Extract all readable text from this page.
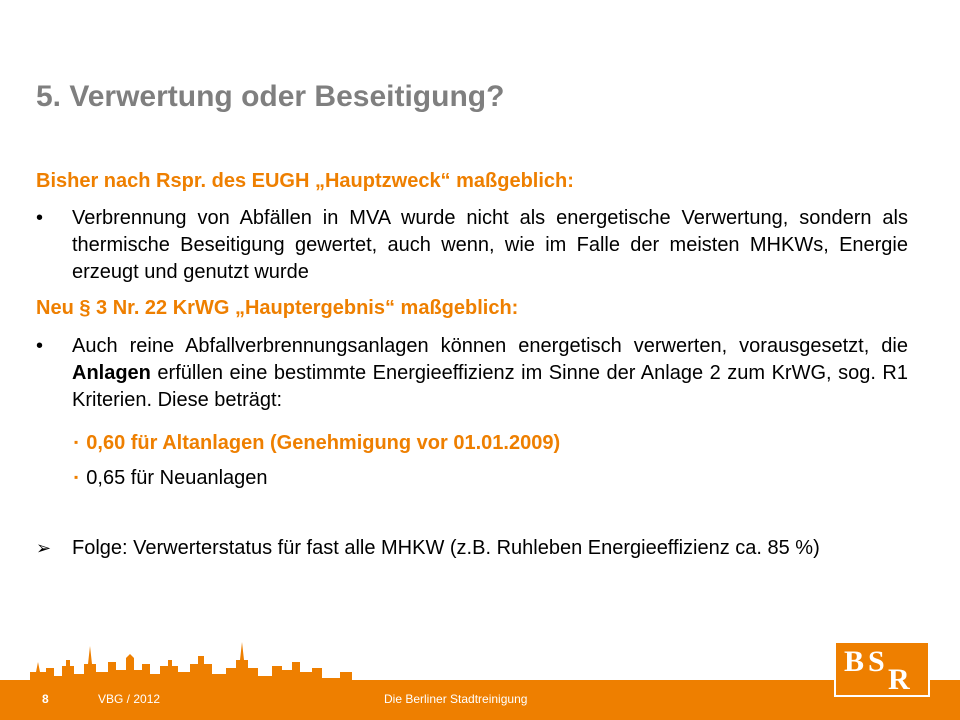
5. Verwertung oder Beseitigung?
Bisher nach Rspr. des EUGH „Hauptzweck“ maßgeblich:
•	Verbrennung von Abfällen in MVA wurde nicht als energetische Verwertung, sondern als thermische Beseitigung gewertet, auch wenn, wie im Falle der meisten MHKWs, Energie erzeugt und genutzt wurde
Neu § 3 Nr. 22 KrWG „Hauptergebnis“ maßgeblich:
•	Auch reine Abfallverbrennungsanlagen können energetisch verwerten, vorausgesetzt, die Anlagen erfüllen eine bestimmte Energieeffizienz im Sinne der Anlage 2 zum KrWG, sog. R1 Kriterien. Diese beträgt:
▪ 0,60 für Altanlagen (Genehmigung vor 01.01.2009)
▪ 0,65 für Neuanlagen
➢	Folge: Verwerterstatus für fast alle MHKW (z.B. Ruhleben Energieeffizienz ca. 85 %)
8	VBG / 2012	Die Berliner Stadtreinigung
B S
R
